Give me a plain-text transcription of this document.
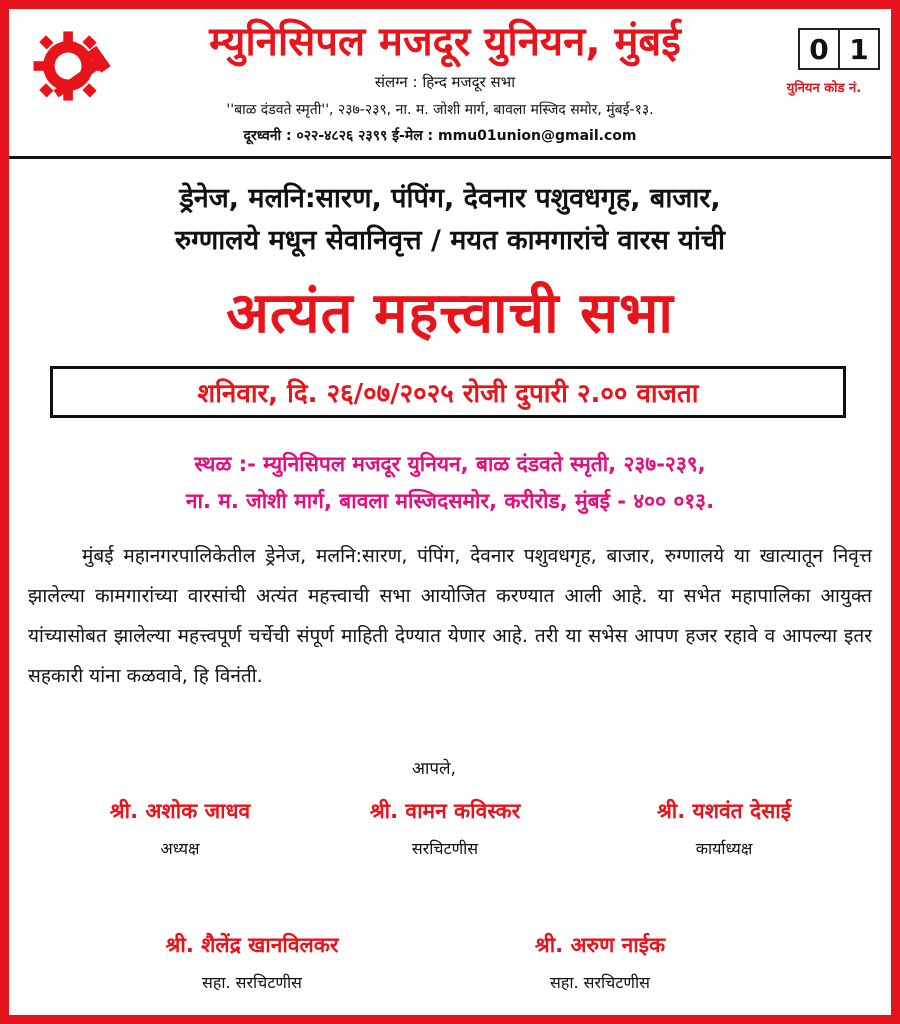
म्युनिसिपल मजदूर युनियन, मुंबई
संलग्न : हिन्द मजदूर सभा
''बाळ दंडवते स्मृती'', २३७-२३९, ना. म. जोशी मार्ग, बावला मस्जिद समोर, मुंबई-१३.
दूरध्वनी : ०२२-४८२६ २३९९ ई-मेल : mmu01union@gmail.com
0 1
युनियन कोड नं.
ड्रेनेज, मलनि:सारण, पंपिंग, देवनार पशुवधगृह, बाजार,
रुग्णालये मधून सेवानिवृत्त / मयत कामगारांचे वारस यांची
अत्यंत महत्त्वाची सभा
शनिवार, दि. २६/०७/२०२५ रोजी दुपारी २.०० वाजता
स्थळ :- म्युनिसिपल मजदूर युनियन, बाळ दंडवते स्मृती, २३७-२३९,
ना. म. जोशी मार्ग, बावला मस्जिदसमोर, करीरोड, मुंबई - ४०० ०१३.
मुंबई महानगरपालिकेतील ड्रेनेज, मलनि:सारण, पंपिंग, देवनार पशुवधगृह, बाजार, रुग्णालये या खात्यातून निवृत्त झालेल्या कामगारांच्या वारसांची अत्यंत महत्त्वाची सभा आयोजित करण्यात आली आहे. या सभेत महापालिका आयुक्त यांच्यासोबत झालेल्या महत्त्वपूर्ण चर्चेची संपूर्ण माहिती देण्यात येणार आहे. तरी या सभेस आपण हजर रहावे व आपल्या इतर सहकारी यांना कळवावे, हि विनंती.
आपले,
श्री. अशोक जाधव
अध्यक्ष
श्री. वामन कविस्कर
सरचिटणीस
श्री. यशवंत देसाई
कार्याध्यक्ष
श्री. शैलेंद्र खानविलकर
सहा. सरचिटणीस
श्री. अरुण नाईक
सहा. सरचिटणीस
